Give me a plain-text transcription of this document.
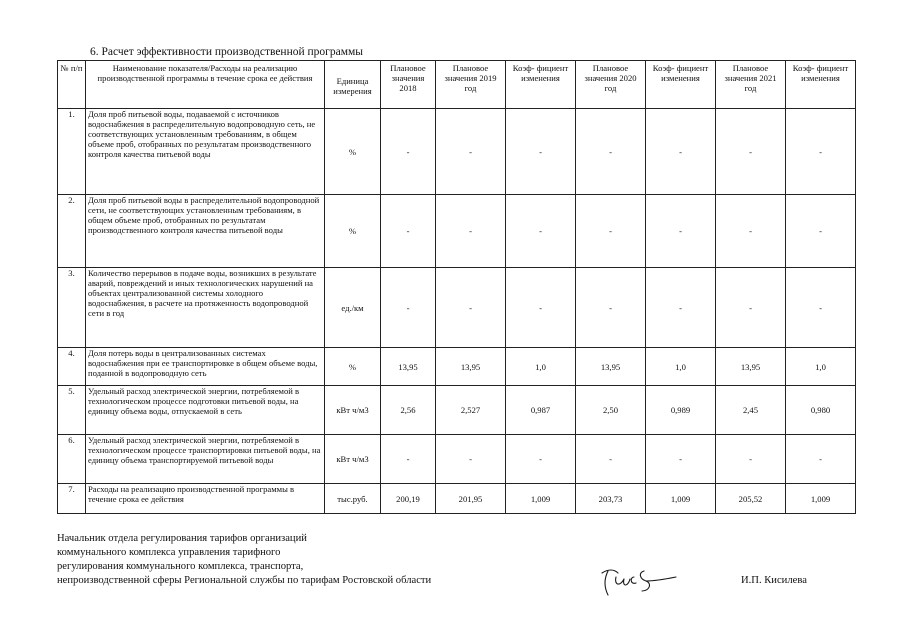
6. Расчет эффективности производственной программы
№ п/п	Наименование показателя/Расходы на реализацию производственной программы в течение срока ее действия	Единица измерения	Плановое значения 2018	Плановое значения 2019 год	Коэф- фициент изменения	Плановое значения 2020 год	Коэф- фициент изменения	Плановое значения 2021 год	Коэф- фициент изменения
1.	Доля проб питьевой воды, подаваемой с источников водоснабжения в распределительную водопроводную сеть, не соответствующих установленным требованиям, в общем объеме проб, отобранных по результатам производственного контроля качества питьевой воды	%	-	-	-	-	-	-	-
2.	Доля проб питьевой воды в распределительной водопроводной сети, не соответствующих установленным требованиям, в общем объеме проб, отобранных по результатам производственного контроля качества питьевой воды	%	-	-	-	-	-	-	-
3.	Количество перерывов в подаче воды, возникших в результате аварий, повреждений и иных технологических нарушений на объектах централизованной системы холодного водоснабжения, в расчете на протяженность водопроводной сети в год	ед./км	-	-	-	-	-	-	-
4.	Доля потерь воды в централизованных системах водоснабжения при ее транспортировке в общем объеме воды, поданной в водопроводную сеть	%	13,95	13,95	1,0	13,95	1,0	13,95	1,0
5.	Удельный расход электрической энергии, потребляемой в технологическом процессе подготовки питьевой воды, на единицу объема воды, отпускаемой в сеть	кВт ч/м3	2,56	2,527	0,987	2,50	0,989	2,45	0,980
6.	Удельный расход электрической энергии, потребляемой в технологическом процессе транспортировки питьевой воды, на единицу объема транспортируемой питьевой воды	кВт ч/м3	-	-	-	-	-	-	-
7.	Расходы на реализацию производственной программы в течение срока ее действия	тыс.руб.	200,19	201,95	1,009	203,73	1,009	205,52	1,009
Начальник отдела регулирования тарифов организаций
коммунального комплекса управления тарифного
регулирования коммунального комплекса, транспорта,
непроизводственной сферы Региональной службы по тарифам Ростовской области	И.П. Кисилева
